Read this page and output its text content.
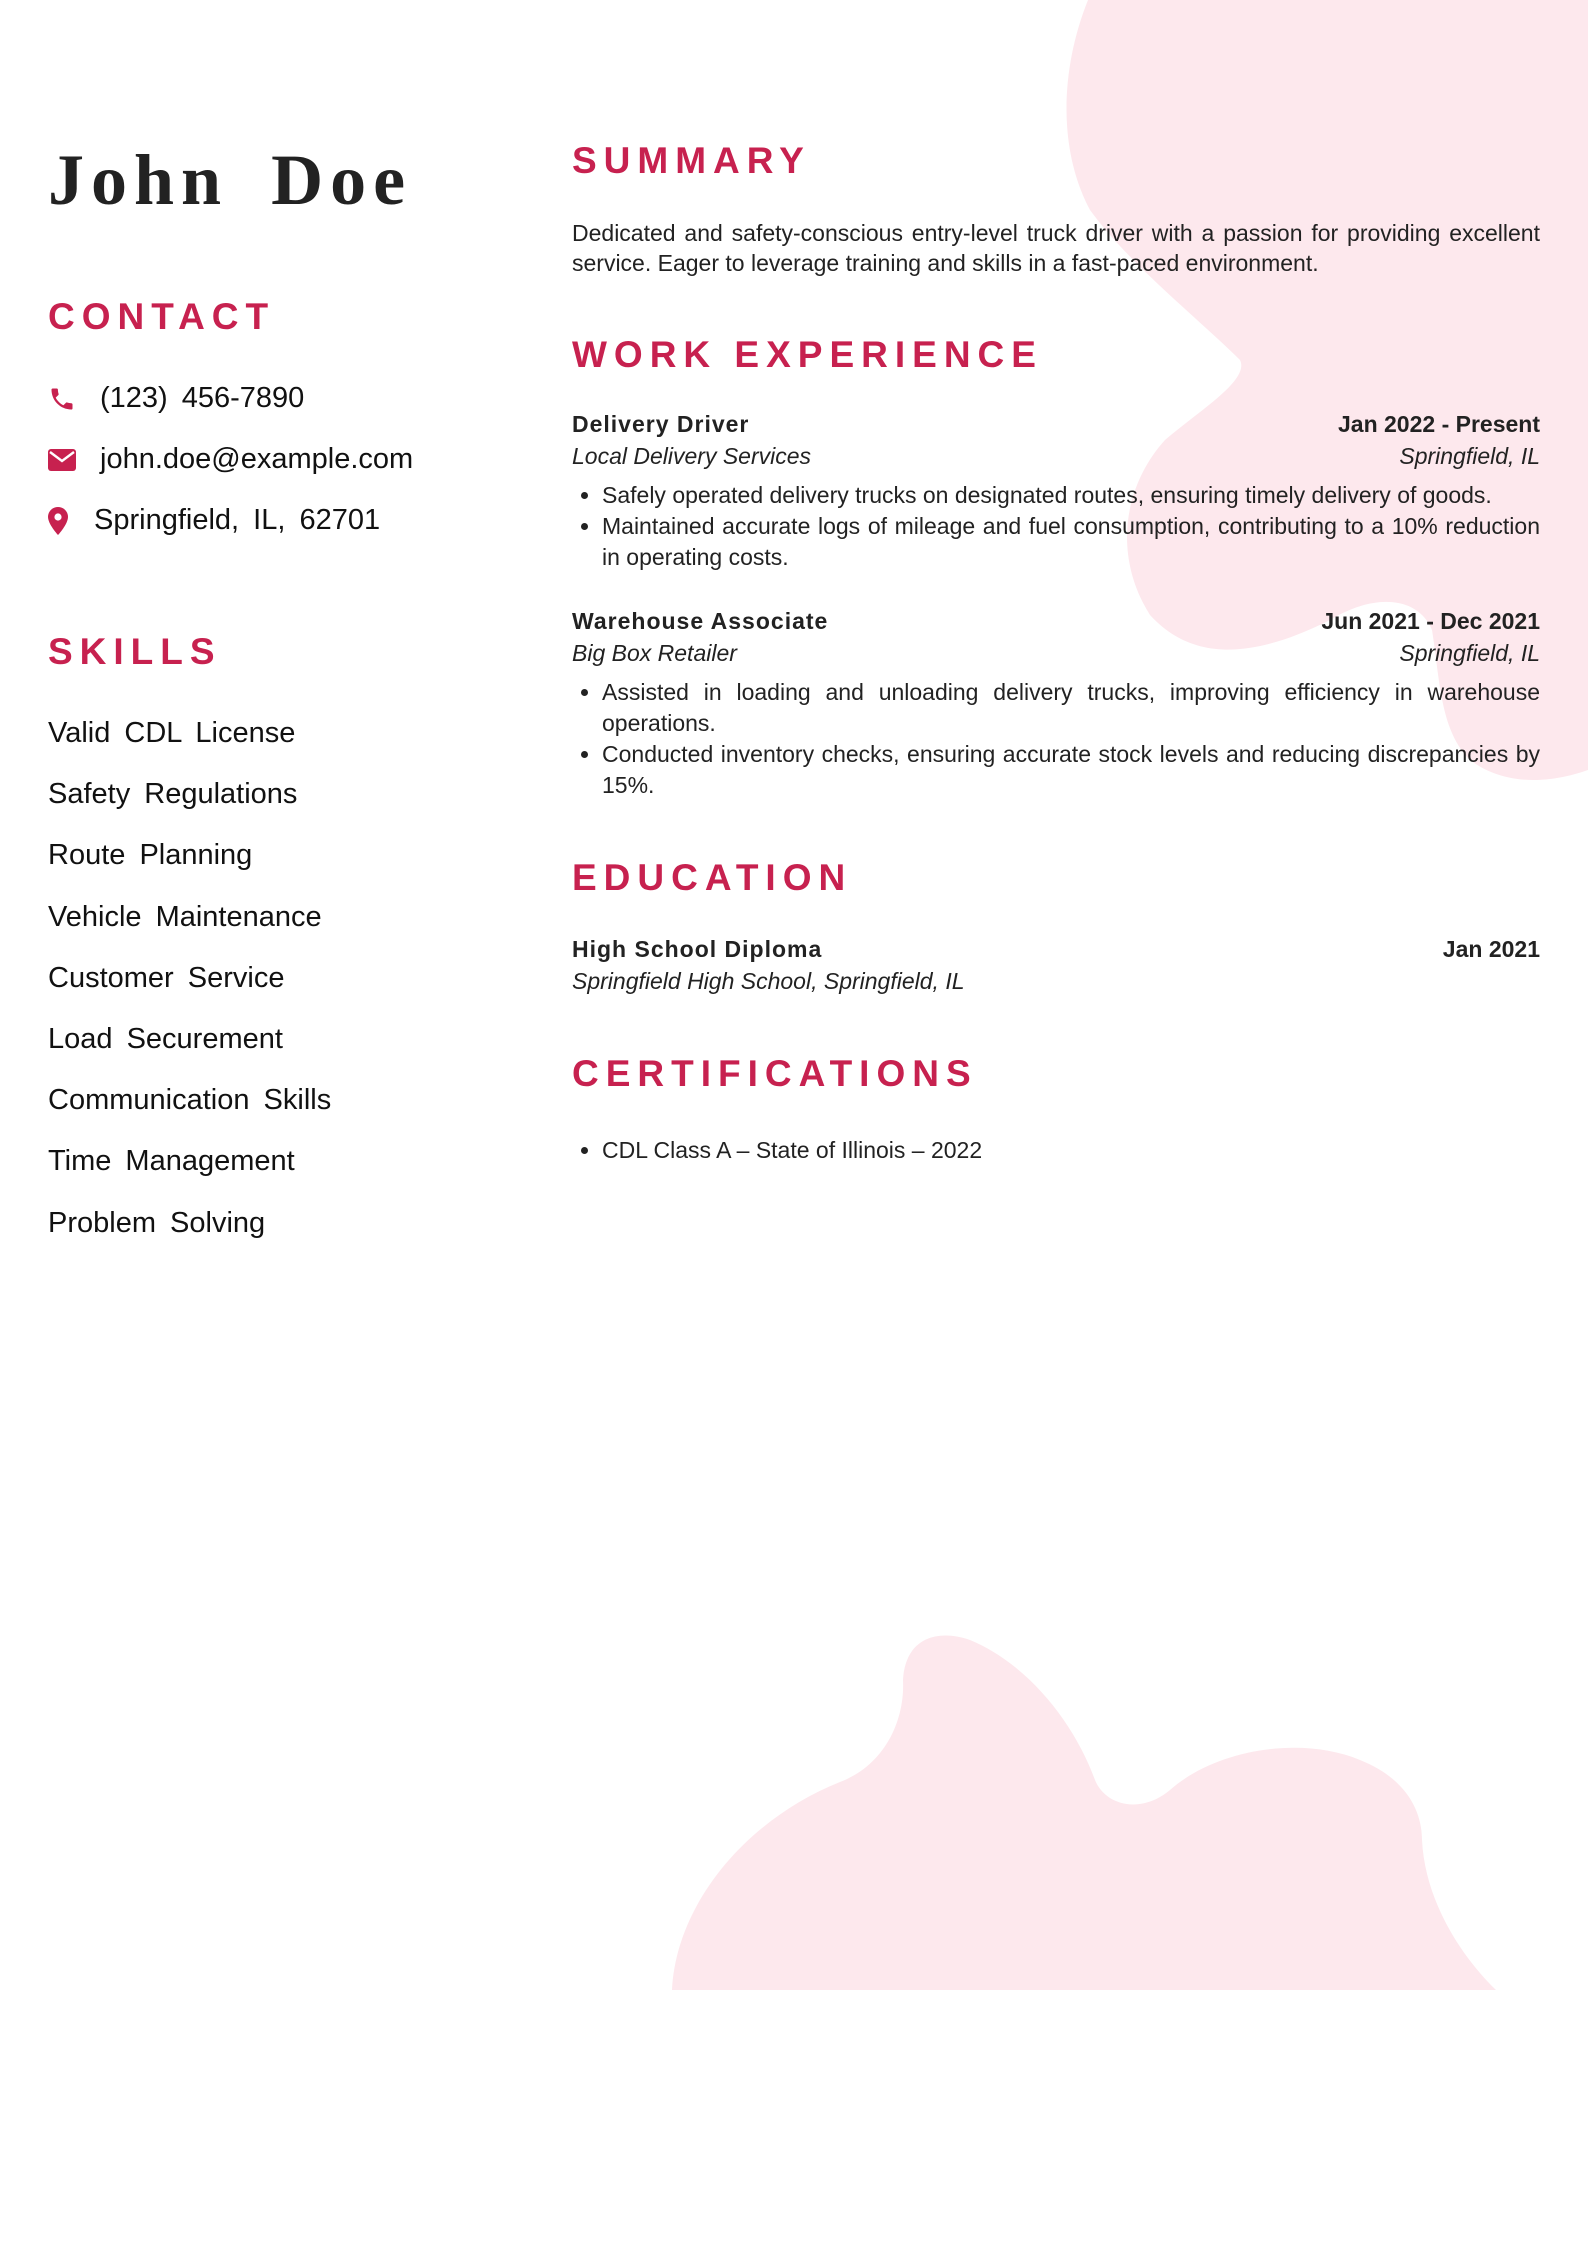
John Doe
CONTACT
(123) 456-7890
john.doe@example.com
Springfield, IL, 62701
SKILLS
Valid CDL License
Safety Regulations
Route Planning
Vehicle Maintenance
Customer Service
Load Securement
Communication Skills
Time Management
Problem Solving
SUMMARY

Dedicated and safety-conscious entry-level truck driver with a passion for providing excellent service. Eager to leverage training and skills in a fast-paced environment.

WORK EXPERIENCE
Delivery Driver	Jan 2022 - Present
Local Delivery Services	Springfield, IL
• Safely operated delivery trucks on designated routes, ensuring timely delivery of goods.
• Maintained accurate logs of mileage and fuel consumption, contributing to a 10% reduction in operating costs.
Warehouse Associate	Jun 2021 - Dec 2021
Big Box Retailer	Springfield, IL
• Assisted in loading and unloading delivery trucks, improving efficiency in warehouse operations.
• Conducted inventory checks, ensuring accurate stock levels and reducing discrepancies by 15%.
EDUCATION
High School Diploma	Jan 2021
Springfield High School, Springfield, IL
CERTIFICATIONS
• CDL Class A – State of Illinois – 2022
